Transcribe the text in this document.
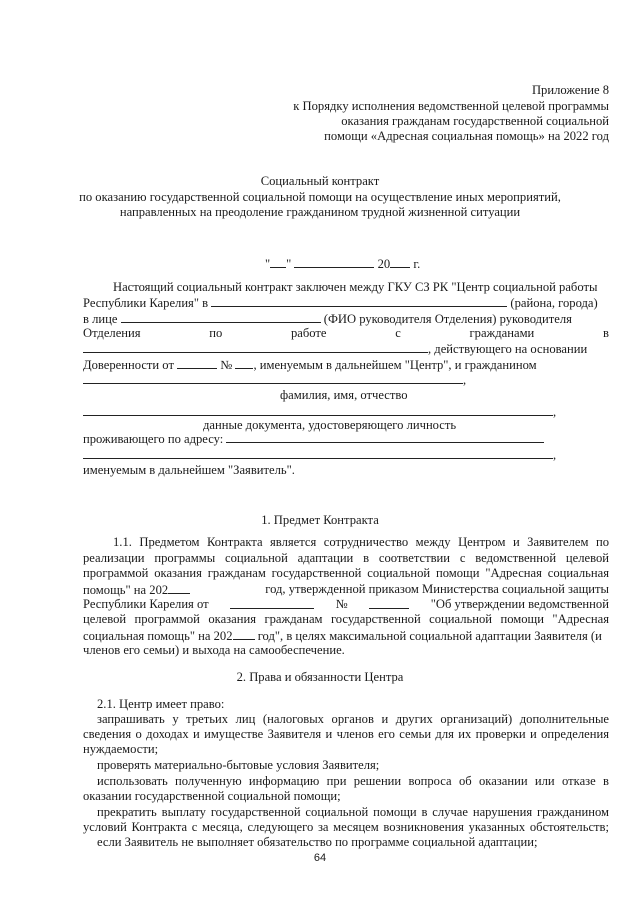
Приложение 8
к Порядку исполнения ведомственной целевой программы
оказания гражданам государственной социальной
помощи «Адресная социальная помощь» на 2022 год
Социальный контракт
по оказанию государственной социальной помощи на осуществление иных мероприятий,
направленных на преодоление гражданином трудной жизненной ситуации
" "	20 г.
Настоящий социальный контракт заключен между ГКУ СЗ РК "Центр социальной работы
Республики Карелия" в	(района, города)
в лице	(ФИО руководителя Отделения) руководителя
Отделения	по	работе	с	гражданами	в
, действующего на основании
Доверенности от	№ , именуемым в дальнейшем "Центр", и гражданином
,
фамилия, имя, отчество
,
данные документа, удостоверяющего личность
проживающего по адресу:
,
именуемым в дальнейшем "Заявитель".
1. Предмет Контракта
1.1. Предметом Контракта является сотрудничество между Центром и Заявителем по
реализации программы социальной адаптации в соответствии с ведомственной целевой
программой оказания гражданам государственной социальной помощи "Адресная социальная
помощь" на 202	год, утвержденной приказом Министерства социальной защиты
Республики Карелия от	№	"Об утверждении ведомственной
целевой программой оказания гражданам государственной социальной помощи "Адресная
социальная помощь" на 202 год", в целях максимальной социальной адаптации Заявителя (и
членов его семьи) и выхода на самообеспечение.
2. Права и обязанности Центра
2.1. Центр имеет право:
запрашивать у третьих лиц (налоговых органов и других организаций) дополнительные
сведения о доходах и имуществе Заявителя и членов его семьи для их проверки и определения
нуждаемости;
проверять материально-бытовые условия Заявителя;
использовать полученную информацию при решении вопроса об оказании или отказе в
оказании государственной социальной помощи;
прекратить выплату государственной социальной помощи в случае нарушения гражданином
условий Контракта с месяца, следующего за месяцем возникновения указанных обстоятельств;
если Заявитель не выполняет обязательство по программе социальной адаптации;
64
